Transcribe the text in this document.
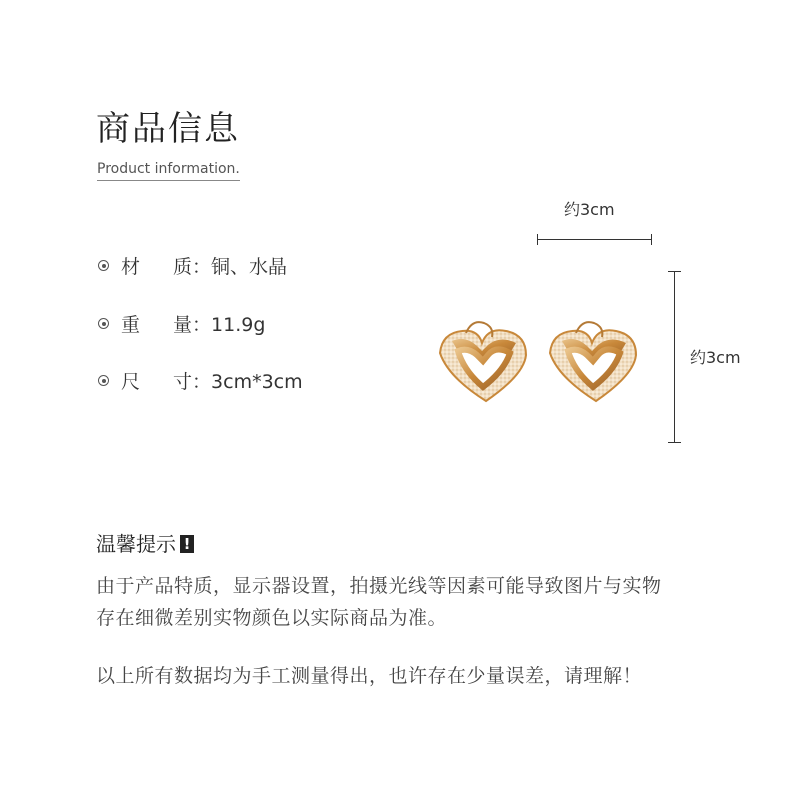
商品信息
Product information.
材 质：铜、水晶
重 量：11.9g
尺 寸：3cm*3cm
约3cm
约3cm
温馨提示 !
由于产品特质，显示器设置，拍摄光线等因素可能导致图片与实物
存在细微差别实物颜色以实际商品为准。
以上所有数据均为手工测量得出，也许存在少量误差，请理解！
